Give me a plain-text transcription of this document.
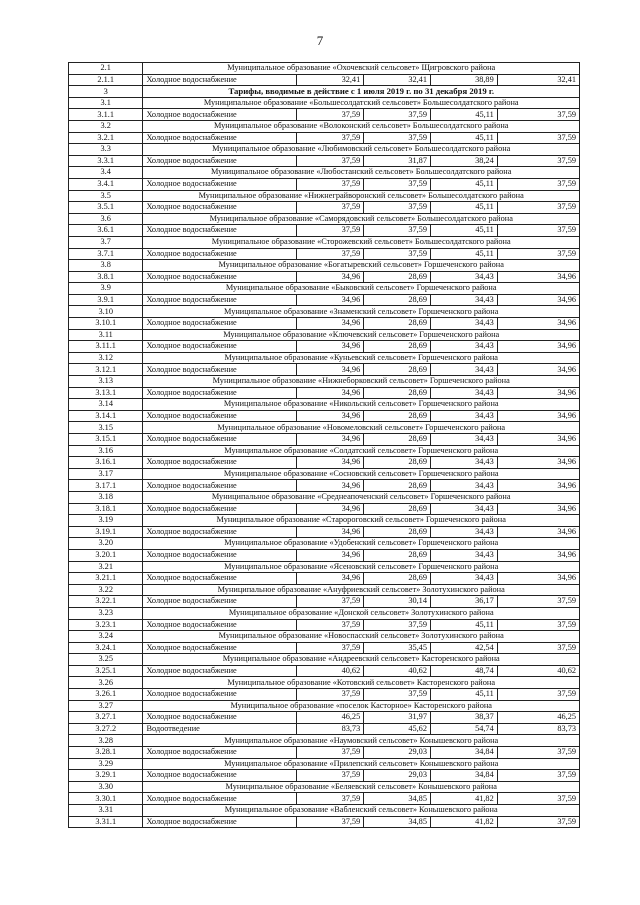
7
2.1	Муниципальное образование «Охочевский сельсовет» Щигровского района				
2.1.1	Холодное водоснабжение	32,41	32,41	38,89	32,41
3	Тарифы, вводимые в действие с 1 июля 2019 г. по 31 декабря 2019 г.				
3.1	Муниципальное образование «Большесолдатский сельсовет» Большесолдатского района				
3.1.1	Холодное водоснабжение	37,59	37,59	45,11	37,59
3.2	Муниципальное образование «Волоконский сельсовет» Большесолдатского района				
3.2.1	Холодное водоснабжение	37,59	37,59	45,11	37,59
3.3	Муниципальное образование «Любимовский сельсовет» Большесолдатского района				
3.3.1	Холодное водоснабжение	37,59	31,87	38,24	37,59
3.4	Муниципальное образование «Любостанский сельсовет» Большесолдатского района				
3.4.1	Холодное водоснабжение	37,59	37,59	45,11	37,59
3.5	Муниципальное образование «Нижнеграйворонский сельсовет» Большесолдатского района				
3.5.1	Холодное водоснабжение	37,59	37,59	45,11	37,59
3.6	Муниципальное образование «Саморядовский сельсовет» Большесолдатского района				
3.6.1	Холодное водоснабжение	37,59	37,59	45,11	37,59
3.7	Муниципальное образование «Сторожевский сельсовет» Большесолдатского района				
3.7.1	Холодное водоснабжение	37,59	37,59	45,11	37,59
3.8	Муниципальное образование «Богатыревский сельсовет» Горшеченского района				
3.8.1	Холодное водоснабжение	34,96	28,69	34,43	34,96
3.9	Муниципальное образование «Быковский сельсовет» Горшеченского района				
3.9.1	Холодное водоснабжение	34,96	28,69	34,43	34,96
3.10	Муниципальное образование «Знаменский сельсовет» Горшеченского района				
3.10.1	Холодное водоснабжение	34,96	28,69	34,43	34,96
3.11	Муниципальное образование «Ключевский сельсовет» Горшеченского района				
3.11.1	Холодное водоснабжение	34,96	28,69	34,43	34,96
3.12	Муниципальное образование «Куньевский сельсовет» Горшеченского района				
3.12.1	Холодное водоснабжение	34,96	28,69	34,43	34,96
3.13	Муниципальное образование «Нижнеборковский сельсовет» Горшеченского района				
3.13.1	Холодное водоснабжение	34,96	28,69	34,43	34,96
3.14	Муниципальное образование «Никольский сельсовет» Горшеченского района				
3.14.1	Холодное водоснабжение	34,96	28,69	34,43	34,96
3.15	Муниципальное образование «Новомеловский сельсовет» Горшеченского района				
3.15.1	Холодное водоснабжение	34,96	28,69	34,43	34,96
3.16	Муниципальное образование «Солдатский сельсовет» Горшеченского района				
3.16.1	Холодное водоснабжение	34,96	28,69	34,43	34,96
3.17	Муниципальное образование «Сосновский сельсовет» Горшеченского района				
3.17.1	Холодное водоснабжение	34,96	28,69	34,43	34,96
3.18	Муниципальное образование «Среднеапоченский сельсовет» Горшеченского района				
3.18.1	Холодное водоснабжение	34,96	28,69	34,43	34,96
3.19	Муниципальное образование «Старороговский сельсовет» Горшеченского района				
3.19.1	Холодное водоснабжение	34,96	28,69	34,43	34,96
3.20	Муниципальное образование «Удобенский сельсовет» Горшеченского района				
3.20.1	Холодное водоснабжение	34,96	28,69	34,43	34,96
3.21	Муниципальное образование «Ясеновский сельсовет» Горшеченского района				
3.21.1	Холодное водоснабжение	34,96	28,69	34,43	34,96
3.22	Муниципальное образование «Ануфриевский сельсовет» Золотухинского района				
3.22.1	Холодное водоснабжение	37,59	30,14	36,17	37,59
3.23	Муниципальное образование «Донской сельсовет» Золотухинского района				
3.23.1	Холодное водоснабжение	37,59	37,59	45,11	37,59
3.24	Муниципальное образование «Новоспасский сельсовет» Золотухинского района				
3.24.1	Холодное водоснабжение	37,59	35,45	42,54	37,59
3.25	Муниципальное образование «Андреевский сельсовет» Касторенского района				
3.25.1	Холодное водоснабжение	40,62	40,62	48,74	40,62
3.26	Муниципальное образование «Котовский сельсовет» Касторенского района				
3.26.1	Холодное водоснабжение	37,59	37,59	45,11	37,59
3.27	Муниципальное образование «поселок Касторное» Касторенского района				
3.27.1	Холодное водоснабжение	46,25	31,97	38,37	46,25
3.27.2	Водоотведение	83,73	45,62	54,74	83,73
3.28	Муниципальное образование «Наумовский сельсовет» Конышевского района				
3.28.1	Холодное водоснабжение	37,59	29,03	34,84	37,59
3.29	Муниципальное образование «Прилепский сельсовет» Конышевского района				
3.29.1	Холодное водоснабжение	37,59	29,03	34,84	37,59
3.30	Муниципальное образование «Беляевский сельсовет» Конышевского района				
3.30.1	Холодное водоснабжение	37,59	34,85	41,82	37,59
3.31	Муниципальное образование «Вабленский сельсовет» Конышевского района				
3.31.1	Холодное водоснабжение	37,59	34,85	41,82	37,59
